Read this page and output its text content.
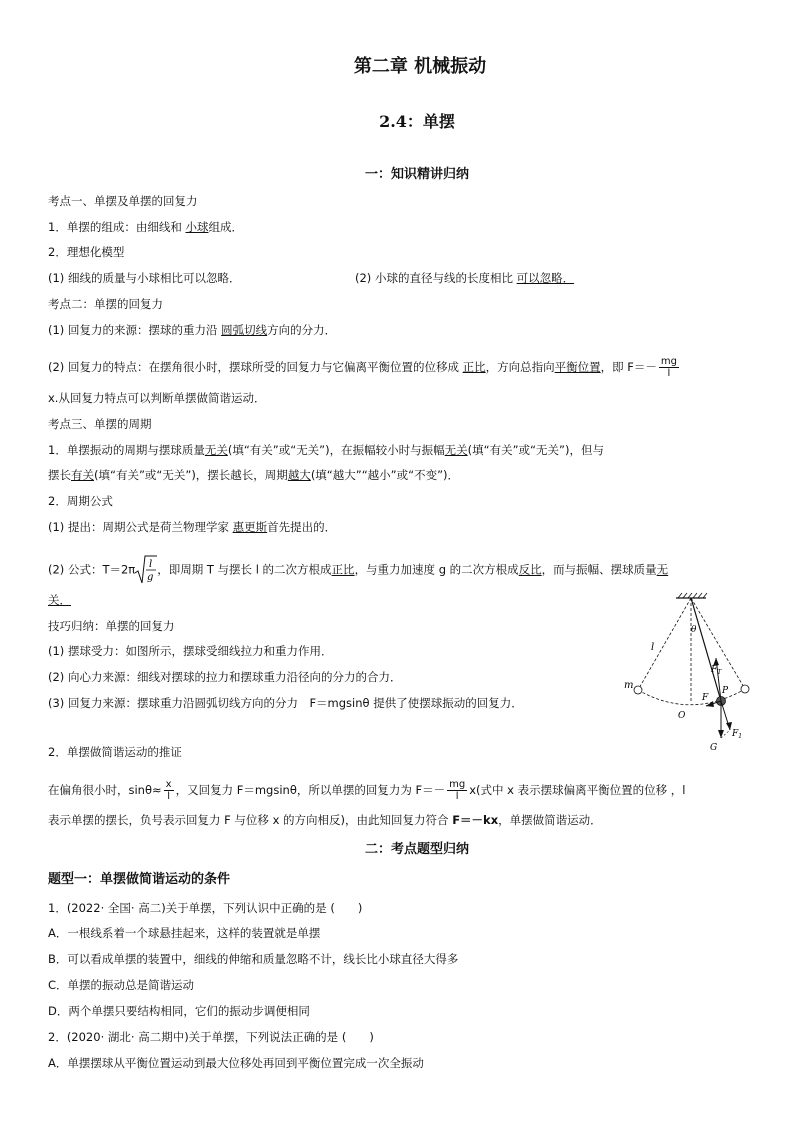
第二章 机械振动
2.4：单摆
一：知识精讲归纳
考点一、单摆及单摆的回复力
1．单摆的组成：由细线和 小球组成．
2．理想化模型
(1) 细线的质量与小球相比可以忽略．	(2) 小球的直径与线的长度相比 可以忽略．
考点二：单摆的回复力
(1) 回复力的来源：摆球的重力沿 圆弧切线方向的分力．
(2) 回复力的特点：在摆角很小时，摆球所受的回复力与它偏离平衡位置的位移成 正比，方向总指向平衡位置，即 $F=- \frac{mg}{l}$
x.从回复力特点可以判断单摆做简谐运动．
考点三、单摆的周期
1．单摆振动的周期与摆球质量无关(填“有关”或“无关”)，在振幅较小时与振幅无关(填“有关”或“无关”)，但与
摆长有关(填“有关”或“无关”)，摆长越长，周期越大(填“越大”“越小”或“不变”)．
2．周期公式
(1) 提出：周期公式是荷兰物理学家 惠更斯首先提出的．
(2) 公式：T＝2π l
g
，即周期 T 与摆长 l 的二次方根成正比，与重力加速度 g 的二次方根成反比，而与振幅、摆球质量无
关．
技巧归纳：单摆的回复力
(1) 摆球受力：如图所示，摆球受细线拉力和重力作用．
(2) 向心力来源：细线对摆球的拉力和摆球重力沿径向的分力的合力．
(3) 回复力来源：摆球重力沿圆弧切线方向的分力　F＝mgsinθ 提供了使摆球振动的回复力．
2．单摆做简谐运动的推证
在偏角很小时，$\sin\theta\approx \frac{x}{l}$ ，又回复力 F＝mgsinθ，所以单摆的回复力为 $F=- \frac{mg}{l} x$(式中 x 表示摆球偏离平衡位置的位移 ，l
表示单摆的摆长，负号表示回复力 F 与位移 x 的方向相反)，由此知回复力符合 F＝－kx，单摆做简谐运动．
二：考点题型归纳
题型一：单摆做简谐运动的条件
1．(2022· 全国· 高二)关于单摆，下列认识中正确的是 (　　)
A．一根线系着一个球悬挂起来，这样的装置就是单摆
B．可以看成单摆的装置中，细线的伸缩和质量忽略不计，线长比小球直径大得多
C．单摆的振动总是简谐运动
D．两个单摆只要结构相同，它们的振动步调便相同
2．(2020· 湖北· 高二期中)关于单摆，下列说法正确的是 (　　)
A．单摆摆球从平衡位置运动到最大位移处再回到平衡位置完成一次全振动
l
θ
m
$F_T$
F
P
O
$F_1$
G
